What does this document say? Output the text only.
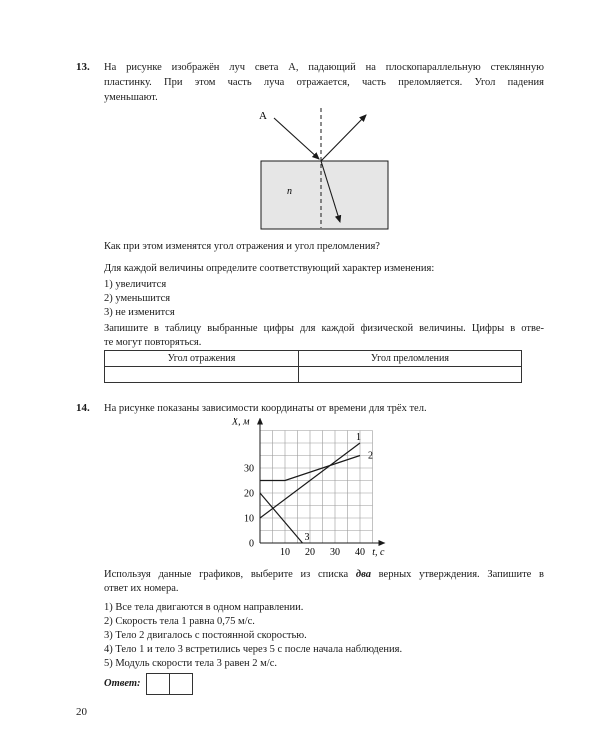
13. На рисунке изображён луч света А, падающий на плоскопараллельную стеклянную
пластинку. При этом часть луча отражается, часть преломляется. Угол падения
уменьшают.
A
n
Как при этом изменятся угол отражения и угол преломления?
Для каждой величины определите соответствующий характер изменения:
1) увеличится
2) уменьшится
3) не изменится
Запишите в таблицу выбранные цифры для каждой физической величины. Цифры в отве-
те могут повторяться.
Угол отражения	Угол преломления

14. На рисунке показаны зависимости координаты от времени для трёх тел.
10 20 30 40
0
10
20
30
t, с
X, м
1
2
3
Используя данные графиков, выберите из списка два верных утверждения. Запишите в
ответ их номера.
1) Все тела двигаются в одном направлении.
2) Скорость тела 1 равна 0,75 м/с.
3) Тело 2 двигалось с постоянной скоростью.
4) Тело 1 и тело 3 встретились через 5 с после начала наблюдения.
5) Модуль скорости тела 3 равен 2 м/с.
Ответ:
20
